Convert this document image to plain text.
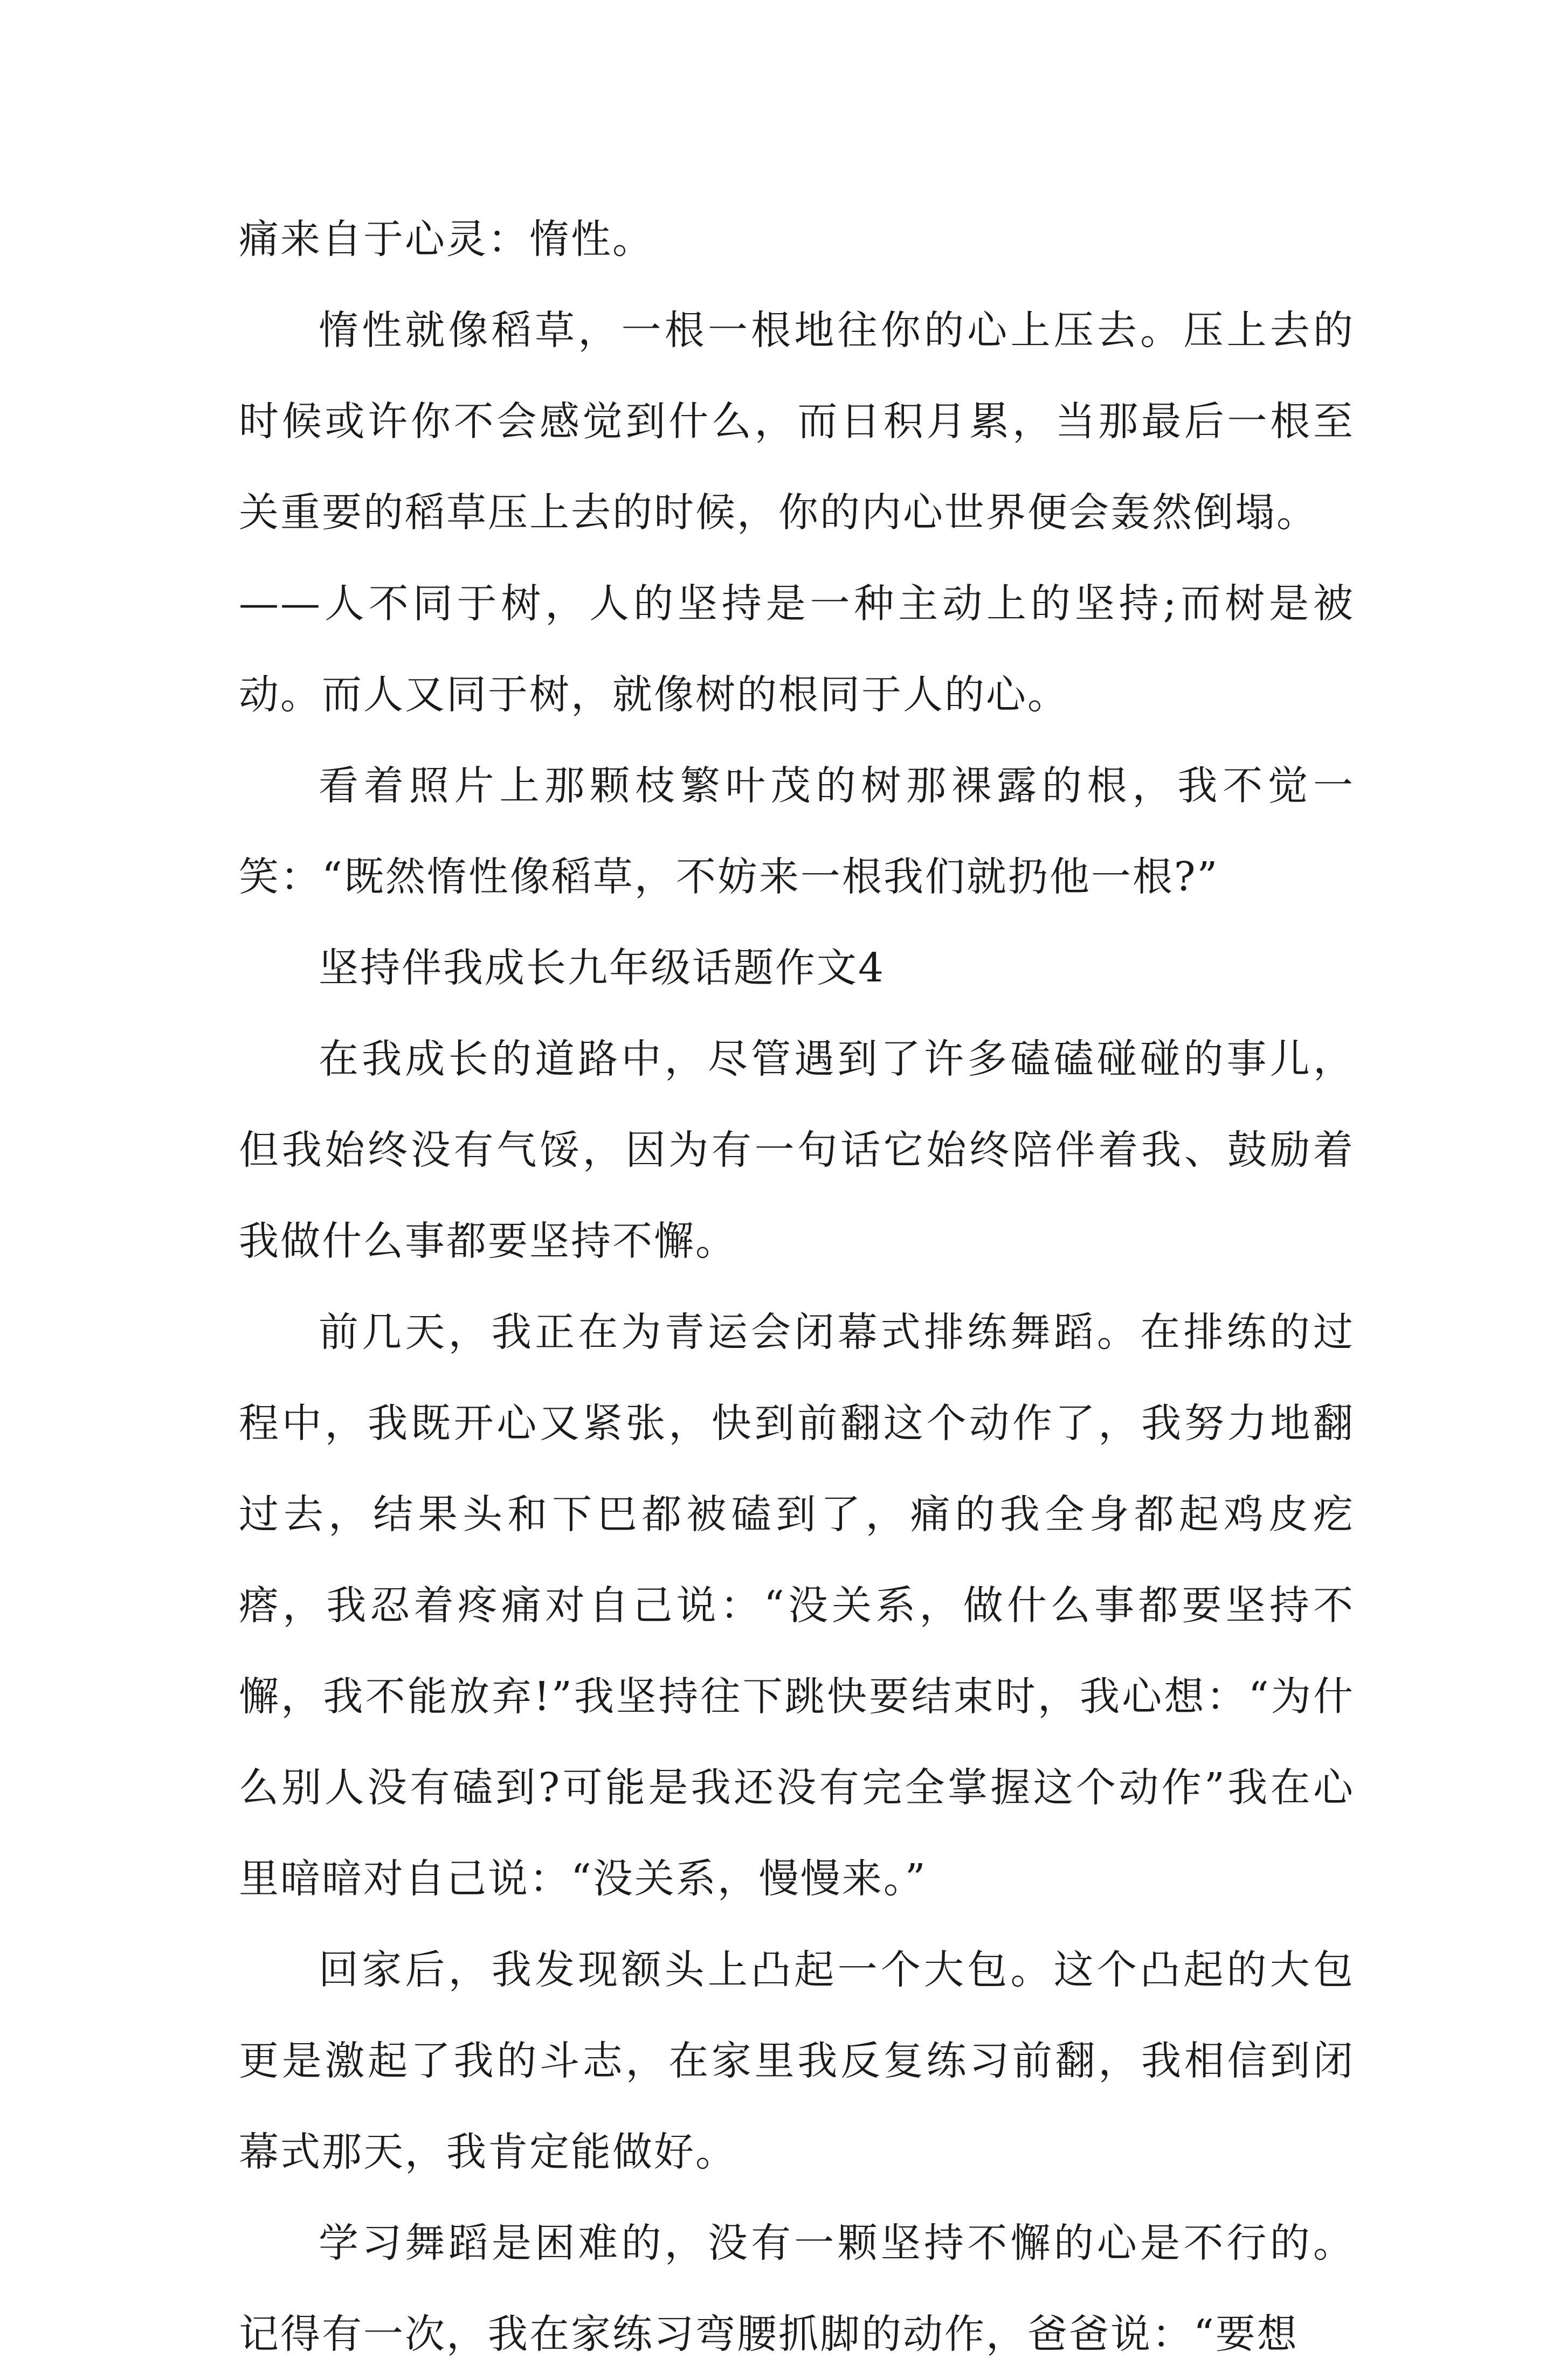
痛来自于心灵：惰性。

惰性就像稻草，一根一根地往你的心上压去。压上去的时候或许你不会感觉到什么，而日积月累，当那最后一根至关重要的稻草压上去的时候，你的内心世界便会轰然倒塌。

——人不同于树，人的坚持是一种主动上的坚持;而树是被动。而人又同于树，就像树的根同于人的心。

看着照片上那颗枝繁叶茂的树那裸露的根，我不觉一笑：“既然惰性像稻草，不妨来一根我们就扔他一根?”

坚持伴我成长九年级话题作文4

在我成长的道路中，尽管遇到了许多磕磕碰碰的事儿，但我始终没有气馁，因为有一句话它始终陪伴着我、鼓励着我做什么事都要坚持不懈。

前几天，我正在为青运会闭幕式排练舞蹈。在排练的过程中，我既开心又紧张，快到前翻这个动作了，我努力地翻过去，结果头和下巴都被磕到了，痛的我全身都起鸡皮疙瘩，我忍着疼痛对自己说：“没关系，做什么事都要坚持不懈，我不能放弃!”我坚持往下跳快要结束时，我心想：“为什么别人没有磕到?可能是我还没有完全掌握这个动作”我在心里暗暗对自己说：“没关系，慢慢来。”

回家后，我发现额头上凸起一个大包。这个凸起的大包更是激起了我的斗志，在家里我反复练习前翻，我相信到闭幕式那天，我肯定能做好。

学习舞蹈是困难的，没有一颗坚持不懈的心是不行的。记得有一次，我在家练习弯腰抓脚的动作，爸爸说：“要想
